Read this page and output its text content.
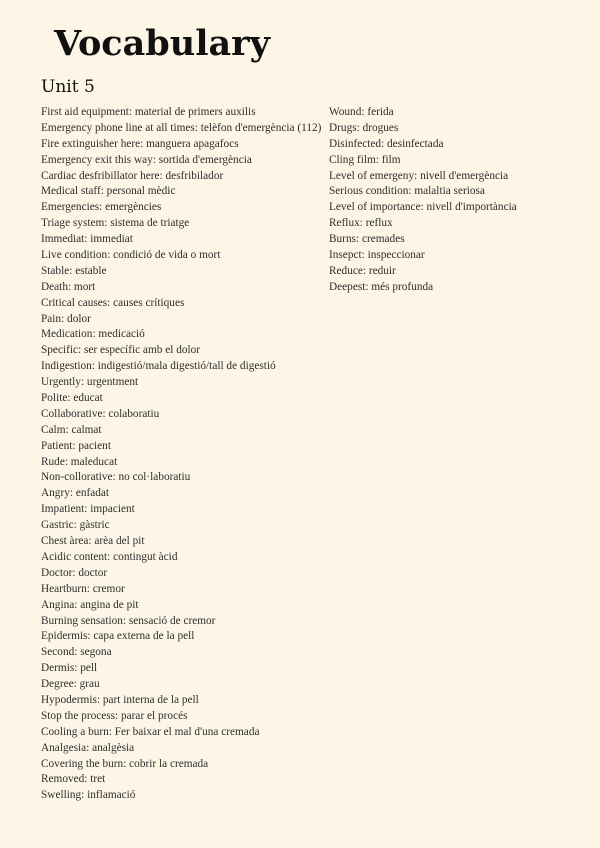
Vocabulary
Unit 5
First aid equipment: material de primers auxilis
Emergency phone line at all times: telèfon d'emergència (112)
Fire extinguisher here: manguera apagafocs
Emergency exit this way: sortida d'emergència
Cardiac desfribillator here: desfribilador
Medical staff: personal mèdic
Emergencies: emergències
Triage system: sistema de triatge
Immediat: immediat
Live condition: condició de vida o mort
Stable: estable
Death: mort
Critical causes: causes crítiques
Pain: dolor
Medication: medicació
Specific: ser específic amb el dolor
Indigestion: indigestió/mala digestió/tall de digestió
Urgently: urgentment
Polite: educat
Collaborative: colaboratiu
Calm: calmat
Patient: pacient
Rude: maleducat
Non-collorative: no col·laboratiu
Angry: enfadat
Impatient: impacient
Gastric: gàstric
Chest àrea: arèa del pit
Acidic content: contingut àcid
Doctor: doctor
Heartburn: cremor
Angina: angina de pit
Burning sensation: sensació de cremor
Epidermis: capa externa de la pell
Second: segona
Dermis: pell
Degree: grau
Hypodermis: part interna de la pell
Stop the process: parar el procés
Cooling a burn: Fer baixar el mal d'una cremada
Analgesia: analgèsia
Covering the burn: cobrir la cremada
Removed: tret
Swelling: inflamació
Wound: ferida
Drugs: drogues
Disinfected: desinfectada
Cling film: film
Level of emergeny: nivell d'emergència
Serious condition: malaltia seriosa
Level of importance: nivell d'importància
Reflux: reflux
Burns: cremades
Insepct: inspeccionar
Reduce: reduir
Deepest: més profunda
